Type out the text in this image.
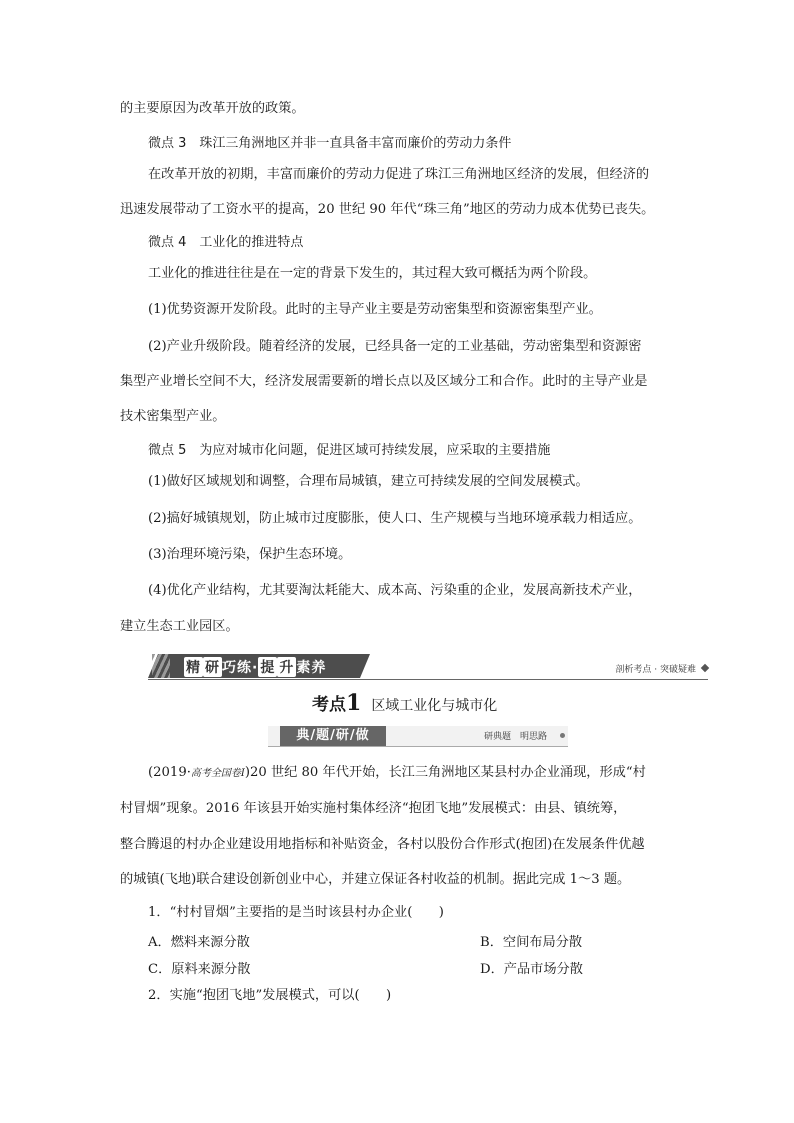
的主要原因为改革开放的政策。
微点 3　珠江三角洲地区并非一直具备丰富而廉价的劳动力条件
在改革开放的初期，丰富而廉价的劳动力促进了珠江三角洲地区经济的发展，但经济的
迅速发展带动了工资水平的提高，20 世纪 90 年代“珠三角”地区的劳动力成本优势已丧失。
微点 4　工业化的推进特点
工业化的推进往往是在一定的背景下发生的，其过程大致可概括为两个阶段。
(1)优势资源开发阶段。此时的主导产业主要是劳动密集型和资源密集型产业。
(2)产业升级阶段。随着经济的发展，已经具备一定的工业基础，劳动密集型和资源密
集型产业增长空间不大，经济发展需要新的增长点以及区域分工和合作。此时的主导产业是
技术密集型产业。
微点 5　为应对城市化问题，促进区域可持续发展，应采取的主要措施
(1)做好区域规划和调整，合理布局城镇，建立可持续发展的空间发展模式。
(2)搞好城镇规划，防止城市过度膨胀，使人口、生产规模与当地环境承载力相适应。
(3)治理环境污染，保护生态环境。
(4)优化产业结构，尤其要淘汰耗能大、成本高、污染重的企业，发展高新技术产业，
建立生态工业园区。
精 研 巧练· 提 升 素养	剖析考点 · 突破疑难
考点1 区域工业化与城市化
典/题/研/做	研典题　明思路
(2019·高考全国卷Ⅰ)20 世纪 80 年代开始，长江三角洲地区某县村办企业涌现，形成“村
村冒烟”现象。2016 年该县开始实施村集体经济“抱团飞地”发展模式：由县、镇统筹，
整合腾退的村办企业建设用地指标和补贴资金，各村以股份合作形式(抱团)在发展条件优越
的城镇(飞地)联合建设创新创业中心，并建立保证各村收益的机制。据此完成 1～3 题。
1．“村村冒烟”主要指的是当时该县村办企业(　　)
A．燃料来源分散	B．空间布局分散
C．原料来源分散	D．产品市场分散
2．实施“抱团飞地”发展模式，可以(　　)
